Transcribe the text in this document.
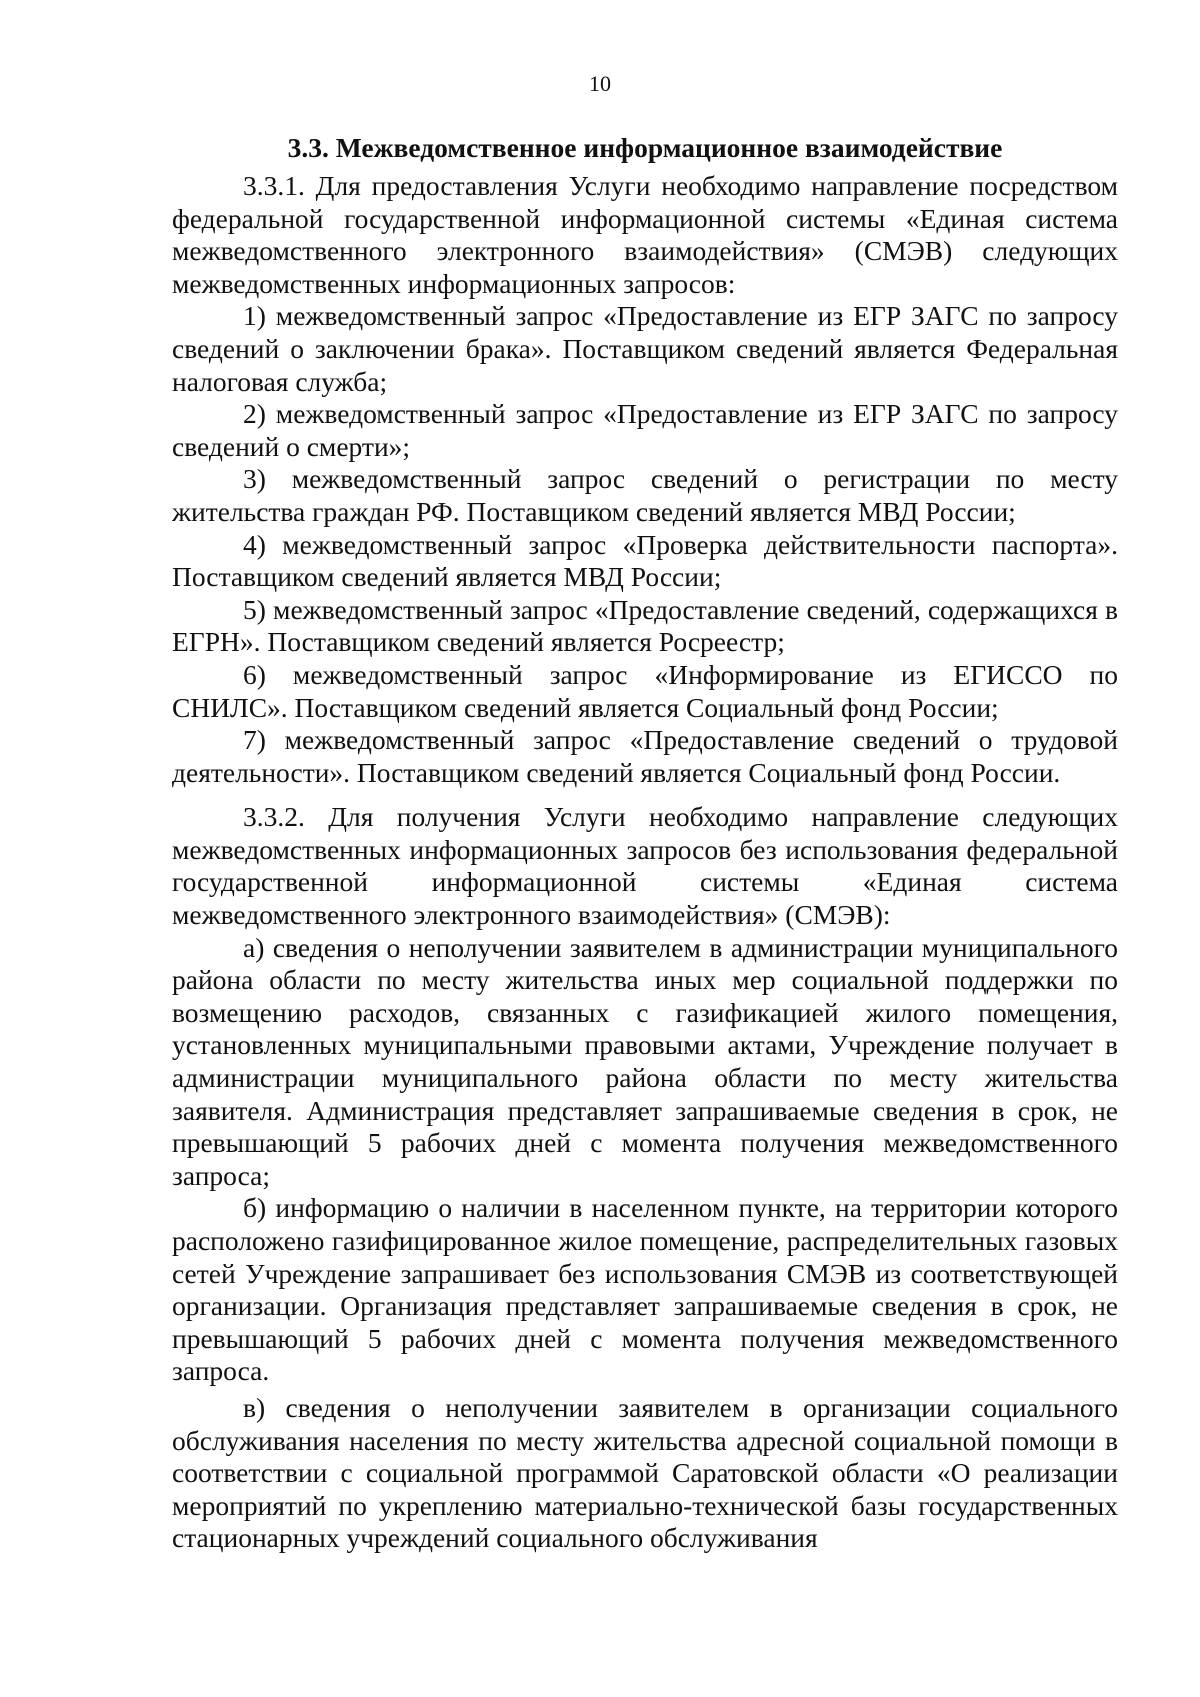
10
3.3. Межведомственное информационное взаимодействие

3.3.1. Для предоставления Услуги необходимо направление посредством федеральной государственной информационной системы «Единая система межведомственного электронного взаимодействия» (СМЭВ) следующих межведомственных информационных запросов:

1) межведомственный запрос «Предоставление из ЕГР ЗАГС по запросу сведений о заключении брака». Поставщиком сведений является Федеральная налоговая служба;

2) межведомственный запрос «Предоставление из ЕГР ЗАГС по запросу сведений о смерти»;

3) межведомственный запрос сведений о регистрации по месту жительства граждан РФ. Поставщиком сведений является МВД России;

4) межведомственный запрос «Проверка действительности паспорта». Поставщиком сведений является МВД России;

5) межведомственный запрос «Предоставление сведений, содержащихся в ЕГРН». Поставщиком сведений является Росреестр;

6) межведомственный запрос «Информирование из ЕГИССО по СНИЛС». Поставщиком сведений является Социальный фонд России;

7) межведомственный запрос «Предоставление сведений о трудовой деятельности». Поставщиком сведений является Социальный фонд России.

3.3.2. Для получения Услуги необходимо направление следующих межведомственных информационных запросов без использования федеральной государственной информационной системы «Единая система межведомственного электронного взаимодействия» (СМЭВ):

а) сведения о неполучении заявителем в администрации муниципального района области по месту жительства иных мер социальной поддержки по возмещению расходов, связанных с газификацией жилого помещения, установленных муниципальными правовыми актами, Учреждение получает в администрации муниципального района области по месту жительства заявителя. Администрация представляет запрашиваемые сведения в срок, не превышающий 5 рабочих дней с момента получения межведомственного запроса;

б) информацию о наличии в населенном пункте, на территории которого расположено газифицированное жилое помещение, распределительных газовых сетей Учреждение запрашивает без использования СМЭВ из соответствующей организации. Организация представляет запрашиваемые сведения в срок, не превышающий 5 рабочих дней с момента получения межведомственного запроса.

в) сведения о неполучении заявителем в организации социального обслуживания населения по месту жительства адресной социальной помощи в соответствии с социальной программой Саратовской области «О реализации мероприятий по укреплению материально-технической базы государственных стационарных учреждений социального обслуживания
